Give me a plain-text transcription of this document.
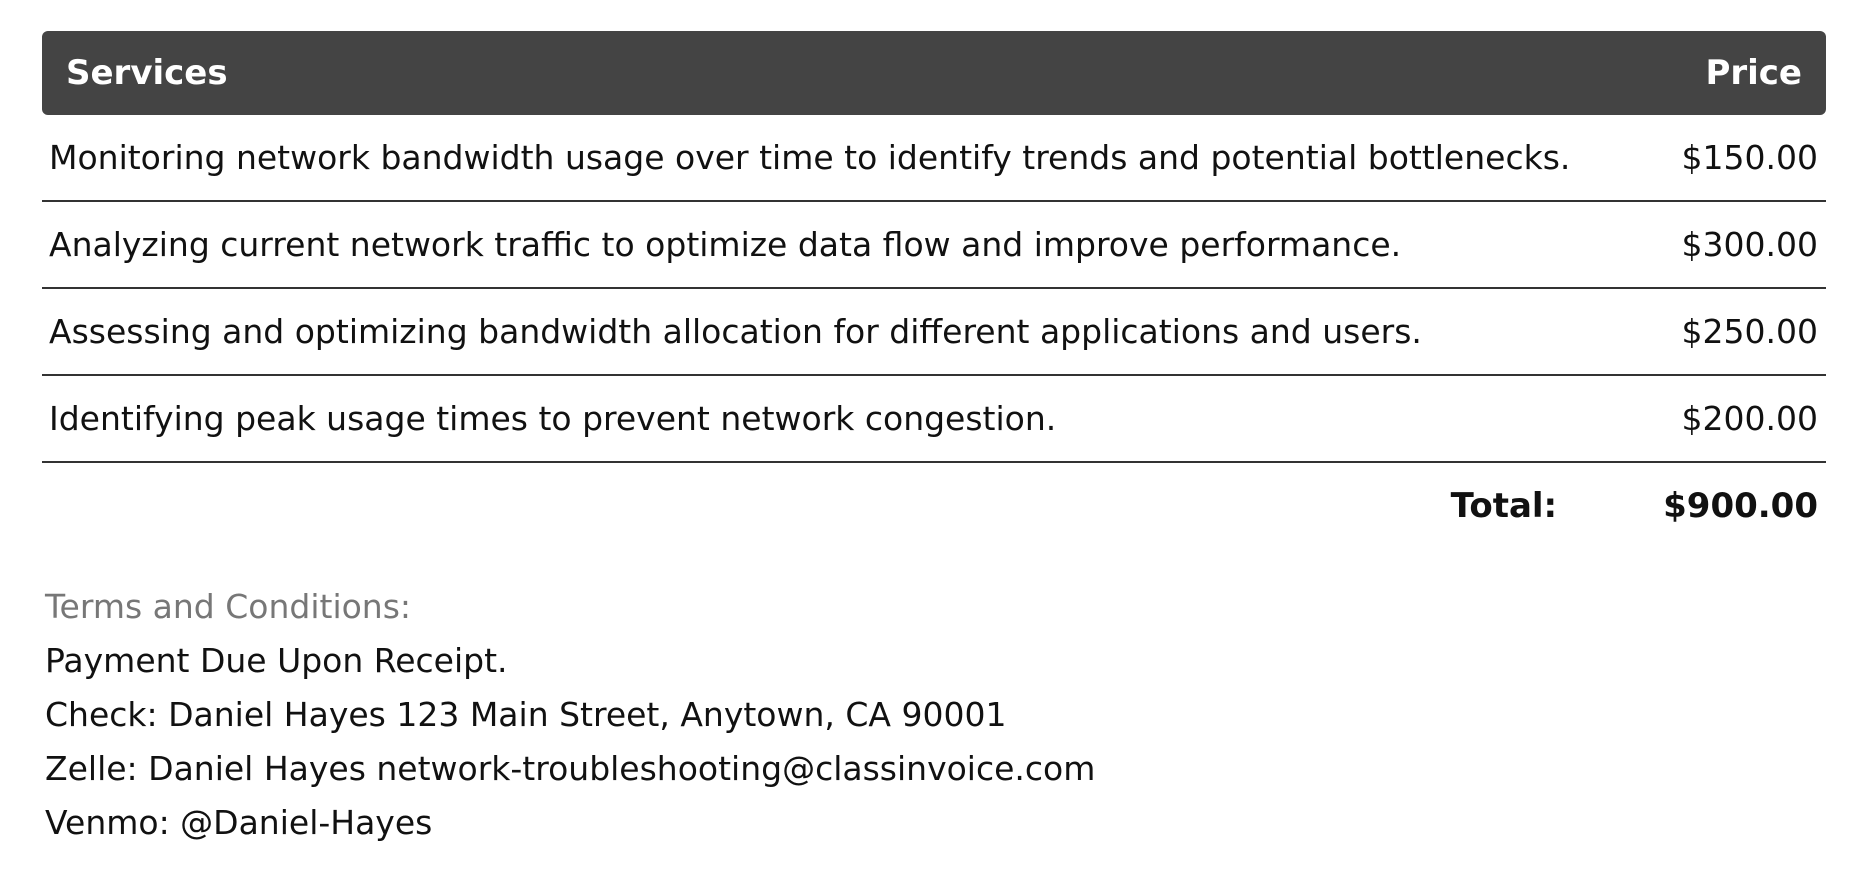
Services	Price
Monitoring network bandwidth usage over time to identify trends and potential bottlenecks.	$150.00
Analyzing current network traffic to optimize data flow and improve performance.	$300.00
Assessing and optimizing bandwidth allocation for different applications and users.	$250.00
Identifying peak usage times to prevent network congestion.	$200.00
Total:	$900.00
Terms and Conditions:
Payment Due Upon Receipt.
Check: Daniel Hayes 123 Main Street, Anytown, CA 90001
Zelle: Daniel Hayes network-troubleshooting@classinvoice.com
Venmo: @Daniel-Hayes
